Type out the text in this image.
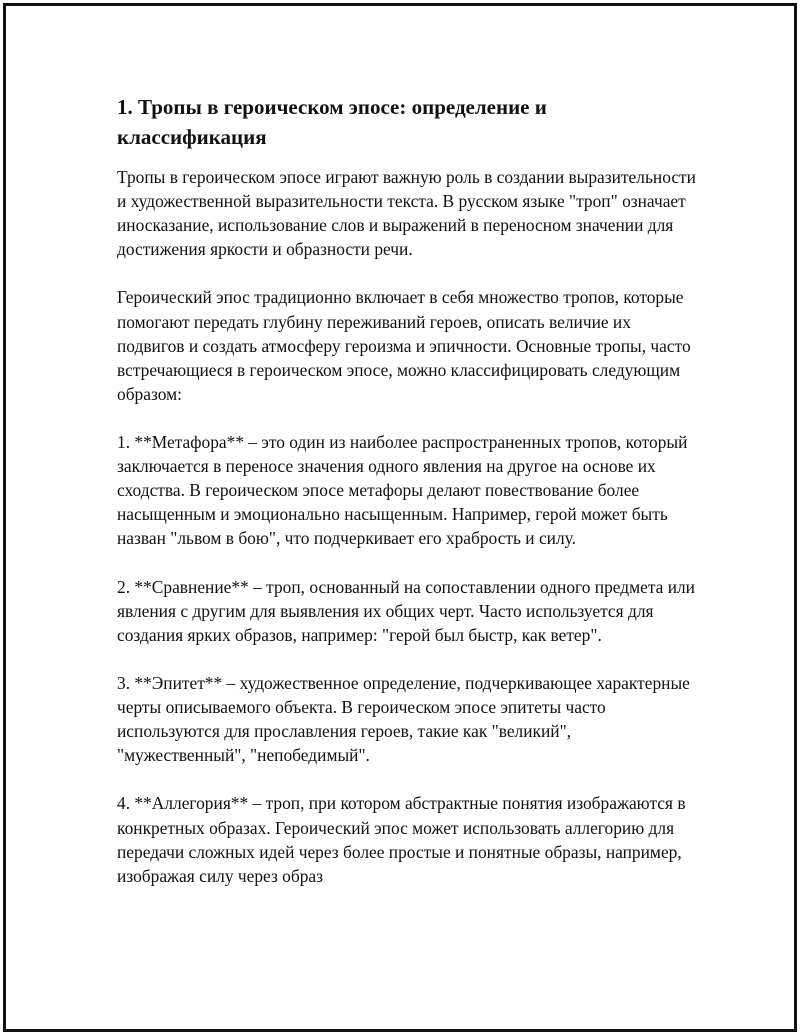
1. Тропы в героическом эпосе: определение и классификация

Тропы в героическом эпосе играют важную роль в создании выразительности и художественной выразительности текста. В русском языке "троп" означает иносказание, использование слов и выражений в переносном значении для достижения яркости и образности речи.

Героический эпос традиционно включает в себя множество тропов, которые помогают передать глубину переживаний героев, описать величие их подвигов и создать атмосферу героизма и эпичности. Основные тропы, часто встречающиеся в героическом эпосе, можно классифицировать следующим образом:

1. **Метафора** – это один из наиболее распространенных тропов, который заключается в переносе значения одного явления на другое на основе их сходства. В героическом эпосе метафоры делают повествование более насыщенным и эмоционально насыщенным. Например, герой может быть назван "львом в бою", что подчеркивает его храбрость и силу.

2. **Сравнение** – троп, основанный на сопоставлении одного предмета или явления с другим для выявления их общих черт. Часто используется для создания ярких образов, например: "герой был быстр, как ветер".

3. **Эпитет** – художественное определение, подчеркивающее характерные черты описываемого объекта. В героическом эпосе эпитеты часто используются для прославления героев, такие как "великий", "мужественный", "непобедимый".

4. **Аллегория** – троп, при котором абстрактные понятия изображаются в конкретных образах. Героический эпос может использовать аллегорию для передачи сложных идей через более простые и понятные образы, например, изображая силу через образ
